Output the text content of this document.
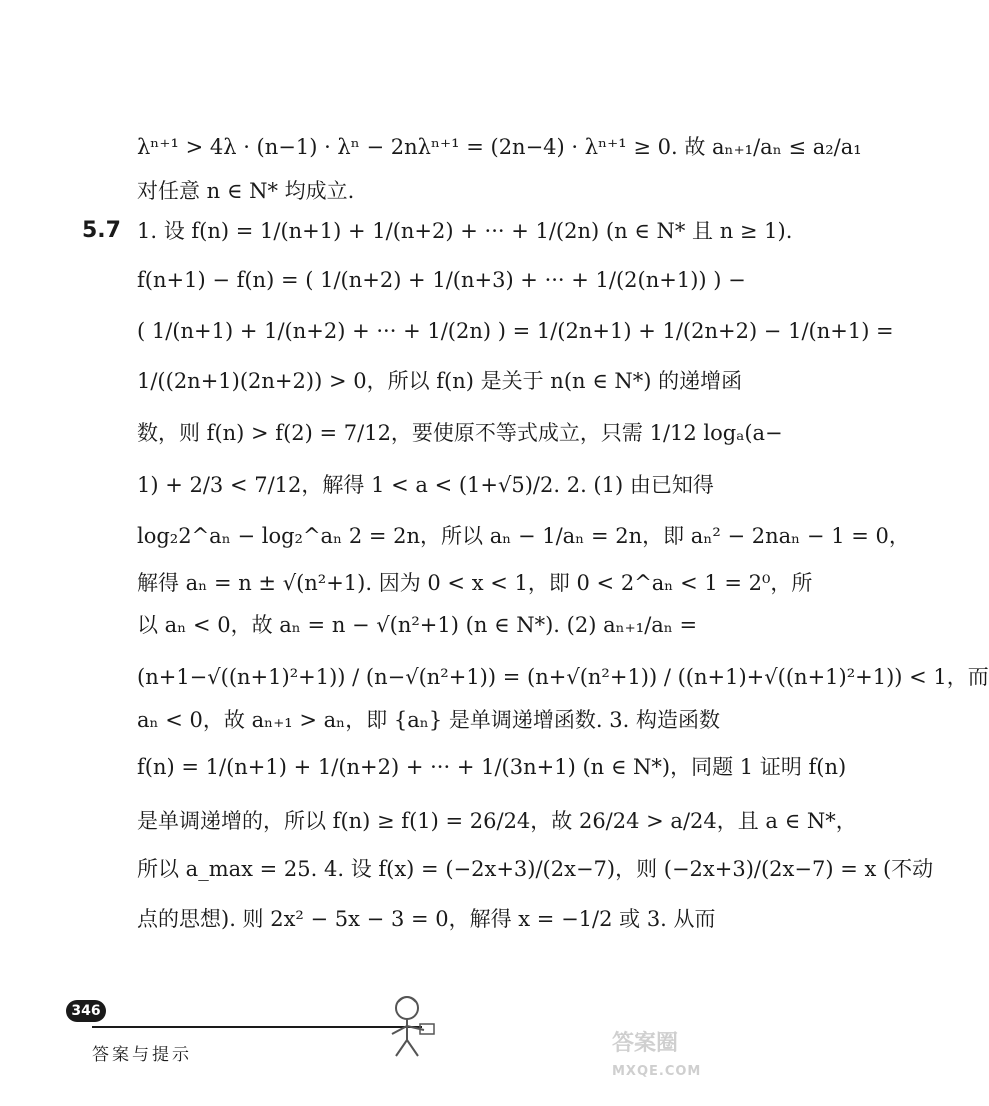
5.7
λⁿ⁺¹ > 4λ · (n−1) · λⁿ − 2nλⁿ⁺¹ = (2n−4) · λⁿ⁺¹ ≥ 0. 故 aₙ₊₁/aₙ ≤ a₂/a₁
对任意 n ∈ N* 均成立.
1. 设 f(n) = 1/(n+1) + 1/(n+2) + ··· + 1/(2n) (n ∈ N* 且 n ≥ 1).
f(n+1) − f(n) = ( 1/(n+2) + 1/(n+3) + ··· + 1/(2(n+1)) ) −
( 1/(n+1) + 1/(n+2) + ··· + 1/(2n) ) = 1/(2n+1) + 1/(2n+2) − 1/(n+1) =
1/((2n+1)(2n+2)) > 0，所以 f(n) 是关于 n(n ∈ N*) 的递增函
数，则 f(n) > f(2) = 7/12，要使原不等式成立，只需 1/12 logₐ(a−
1) + 2/3 < 7/12，解得 1 < a < (1+√5)/2. 2. (1) 由已知得
log₂2^aₙ − log₂^aₙ 2 = 2n，所以 aₙ − 1/aₙ = 2n，即 aₙ² − 2naₙ − 1 = 0，
解得 aₙ = n ± √(n²+1). 因为 0 < x < 1，即 0 < 2^aₙ < 1 = 2⁰，所
以 aₙ < 0，故 aₙ = n − √(n²+1) (n ∈ N*). (2) aₙ₊₁/aₙ =
(n+1−√((n+1)²+1)) / (n−√(n²+1)) = (n+√(n²+1)) / ((n+1)+√((n+1)²+1)) < 1，而
aₙ < 0，故 aₙ₊₁ > aₙ，即 {aₙ} 是单调递增函数. 3. 构造函数
f(n) = 1/(n+1) + 1/(n+2) + ··· + 1/(3n+1) (n ∈ N*)，同题 1 证明 f(n)
是单调递增的，所以 f(n) ≥ f(1) = 26/24，故 26/24 > a/24，且 a ∈ N*，
所以 a_max = 25. 4. 设 f(x) = (−2x+3)/(2x−7)，则 (−2x+3)/(2x−7) = x (不动
点的思想). 则 2x² − 5x − 3 = 0，解得 x = −1/2 或 3. 从而
346
答案与提示	答案圈
MXQE.COM
